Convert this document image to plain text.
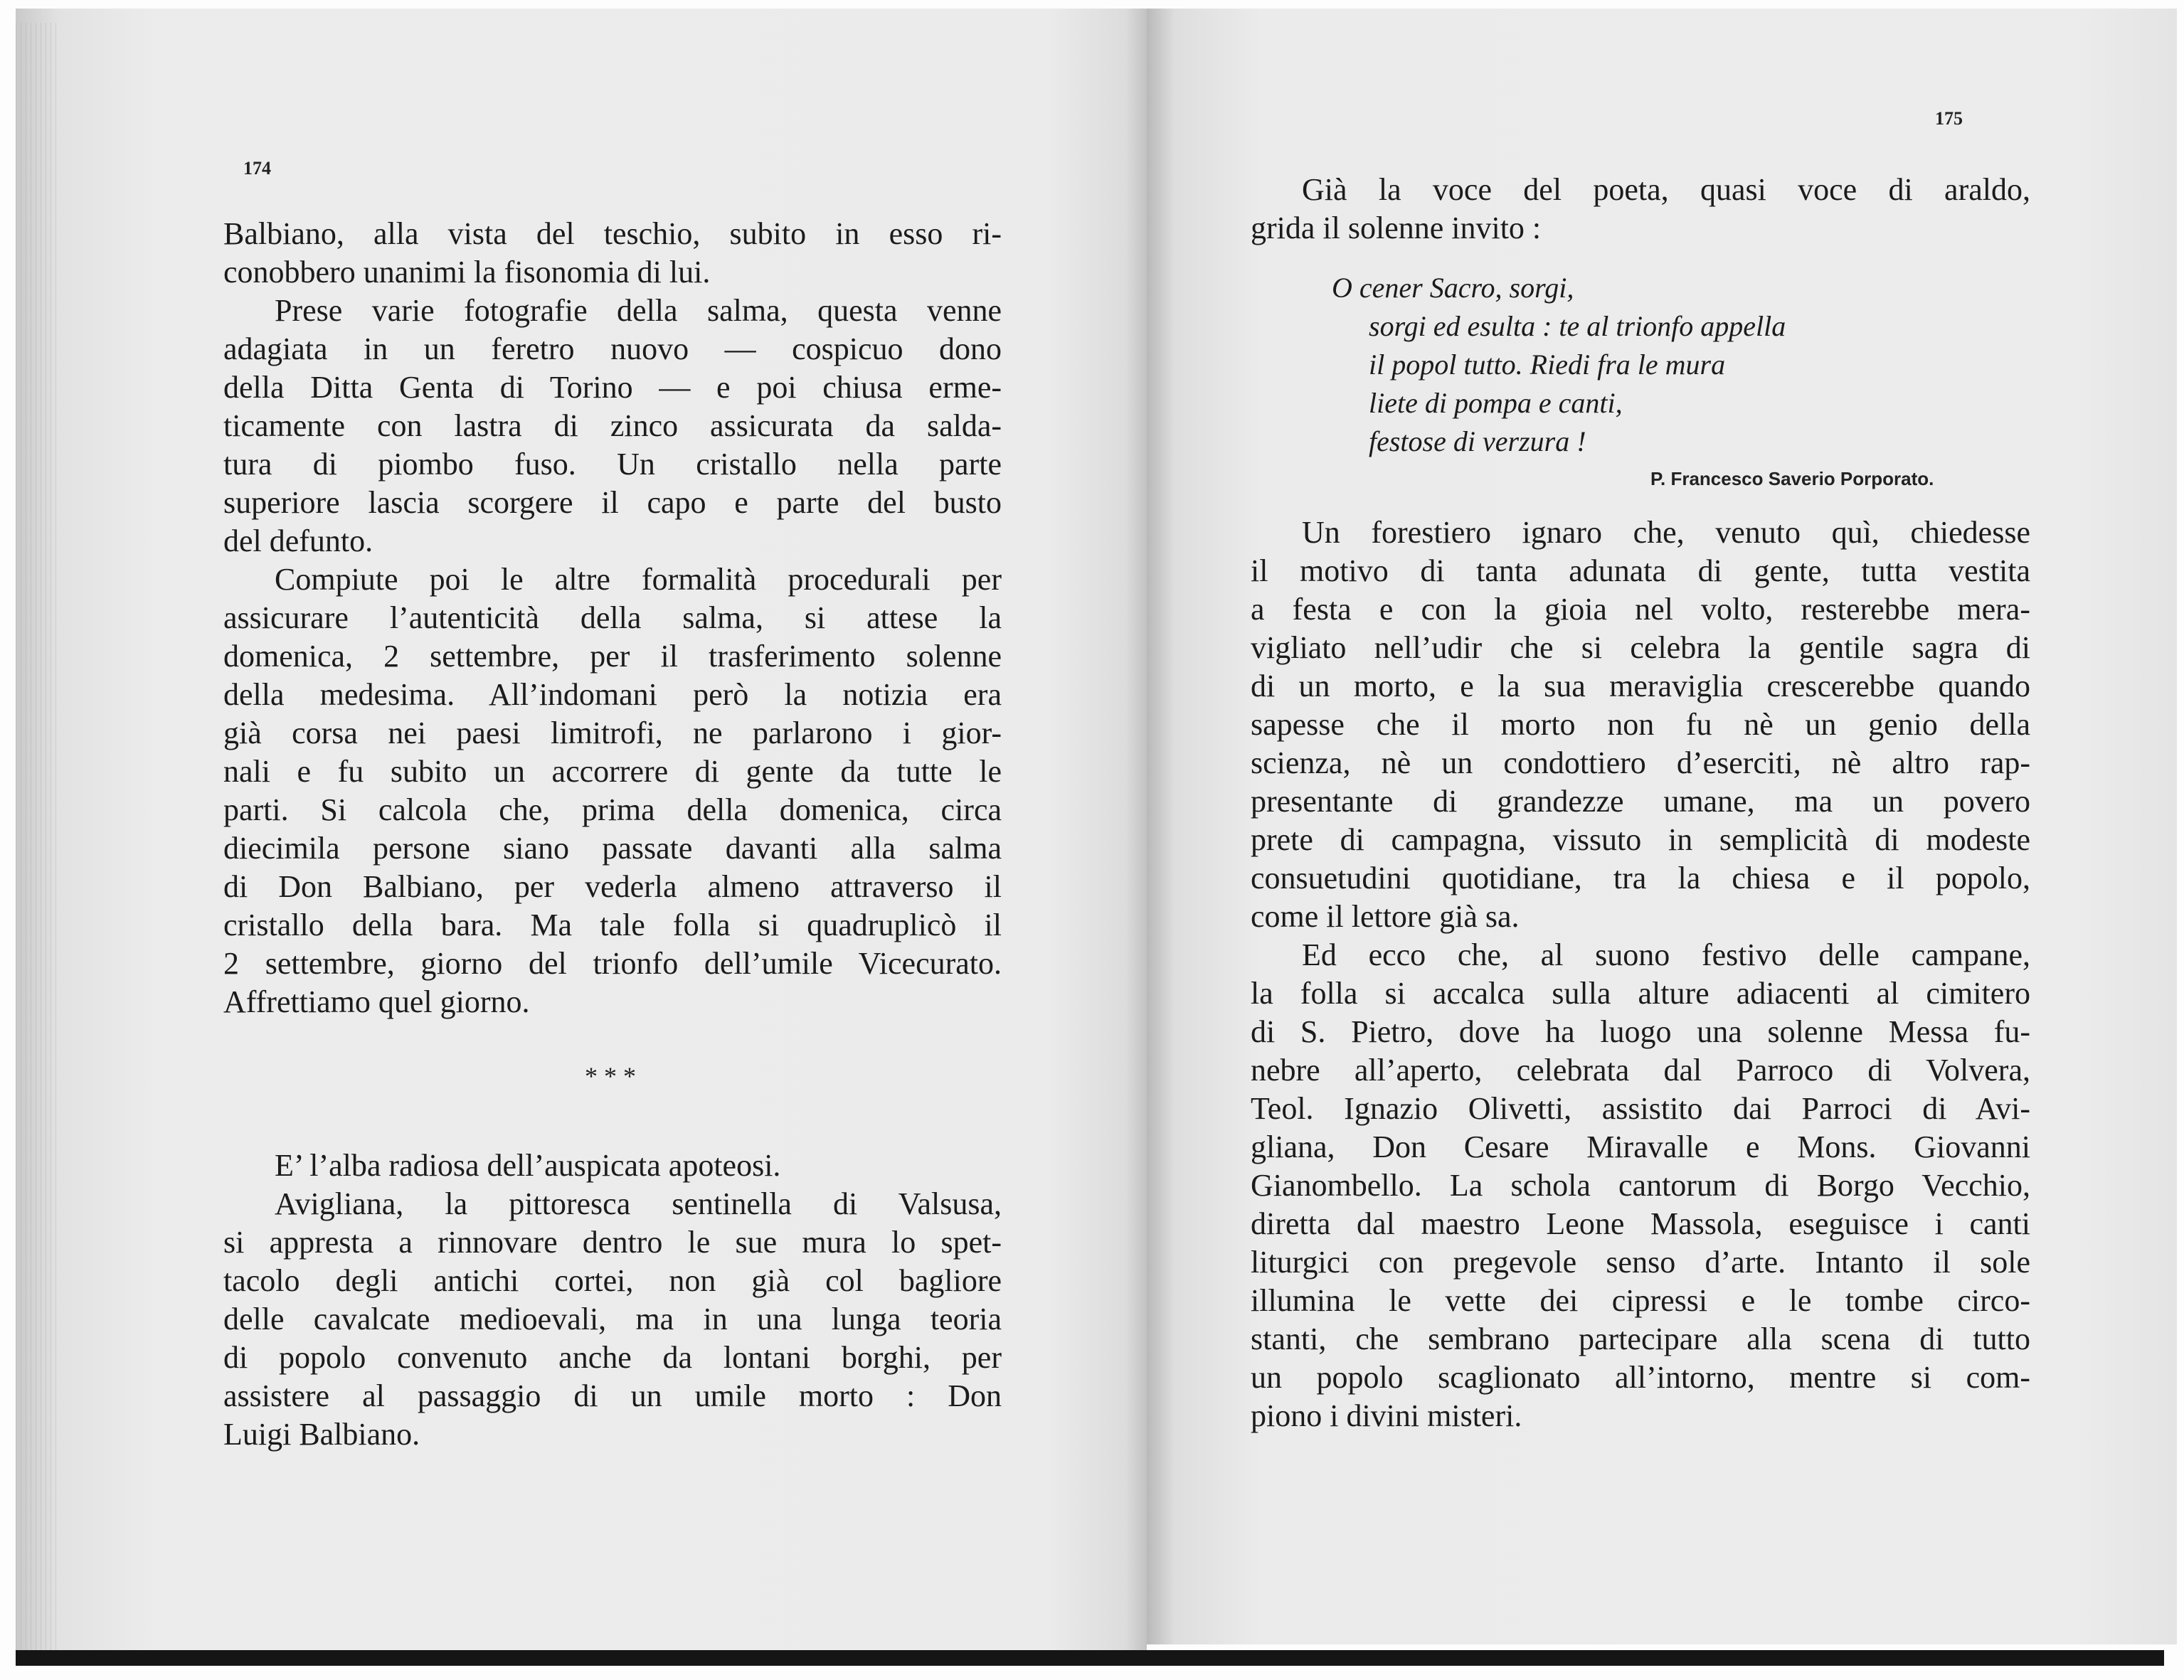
174
Balbiano, alla vista del teschio, subito in esso ri-
conobbero unanimi la fisonomia di lui.
Prese varie fotografie della salma, questa venne
adagiata in un feretro nuovo — cospicuo dono
della Ditta Genta di Torino — e poi chiusa erme-
ticamente con lastra di zinco assicurata da salda-
tura di piombo fuso. Un cristallo nella parte
superiore lascia scorgere il capo e parte del busto
del defunto.
Compiute poi le altre formalità procedurali per
assicurare l’autenticità della salma, si attese la
domenica, 2 settembre, per il trasferimento solenne
della medesima. All’indomani però la notizia era
già corsa nei paesi limitrofi, ne parlarono i gior-
nali e fu subito un accorrere di gente da tutte le
parti. Si calcola che, prima della domenica, circa
diecimila persone siano passate davanti alla salma
di Don Balbiano, per vederla almeno attraverso il
cristallo della bara. Ma tale folla si quadruplicò il
2 settembre, giorno del trionfo dell’umile Vicecurato.
Affrettiamo quel giorno.
* * *
E’ l’alba radiosa dell’auspicata apoteosi.
Avigliana, la pittoresca sentinella di Valsusa,
si appresta a rinnovare dentro le sue mura lo spet-
tacolo degli antichi cortei, non già col bagliore
delle cavalcate medioevali, ma in una lunga teoria
di popolo convenuto anche da lontani borghi, per
assistere al passaggio di un umile morto : Don
Luigi Balbiano.
175
Già la voce del poeta, quasi voce di araldo,
grida il solenne invito :
O cener Sacro, sorgi,
sorgi ed esulta : te al trionfo appella
il popol tutto. Riedi fra le mura
liete di pompa e canti,
festose di verzura !
P. Francesco Saverio Porporato.
Un forestiero ignaro che, venuto quì, chiedesse
il motivo di tanta adunata di gente, tutta vestita
a festa e con la gioia nel volto, resterebbe mera-
vigliato nell’udir che si celebra la gentile sagra di
di un morto, e la sua meraviglia crescerebbe quando
sapesse che il morto non fu nè un genio della
scienza, nè un condottiero d’eserciti, nè altro rap-
presentante di grandezze umane, ma un povero
prete di campagna, vissuto in semplicità di modeste
consuetudini quotidiane, tra la chiesa e il popolo,
come il lettore già sa.
Ed ecco che, al suono festivo delle campane,
la folla si accalca sulla alture adiacenti al cimitero
di S. Pietro, dove ha luogo una solenne Messa fu-
nebre all’aperto, celebrata dal Parroco di Volvera,
Teol. Ignazio Olivetti, assistito dai Parroci di Avi-
gliana, Don Cesare Miravalle e Mons. Giovanni
Gianombello. La schola cantorum di Borgo Vecchio,
diretta dal maestro Leone Massola, eseguisce i canti
liturgici con pregevole senso d’arte. Intanto il sole
illumina le vette dei cipressi e le tombe circo-
stanti, che sembrano partecipare alla scena di tutto
un popolo scaglionato all’intorno, mentre si com-
piono i divini misteri.
